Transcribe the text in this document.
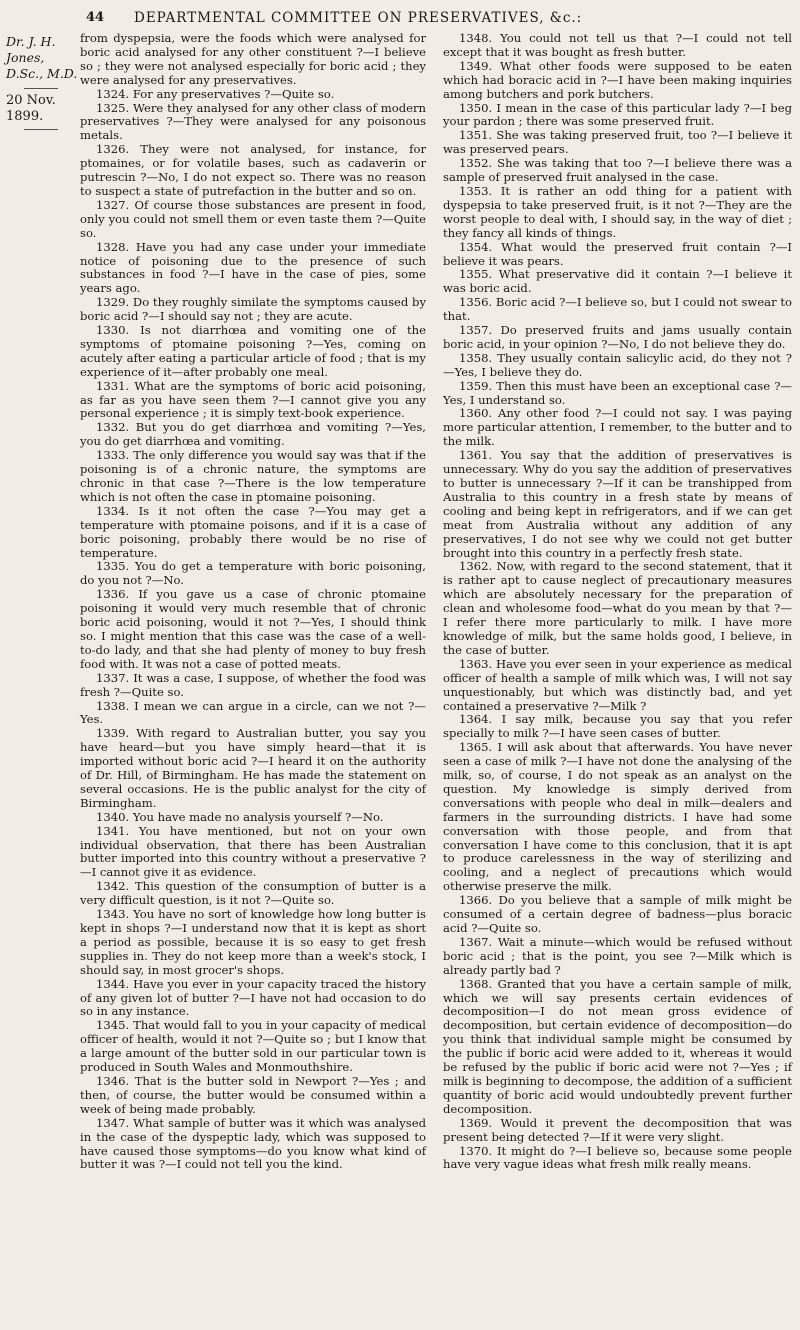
44 DEPARTMENTAL COMMITTEE ON PRESERVATIVES, &c.:
Dr. J. H. Jones, D.Sc., M.D.
20 Nov. 1899.

from dyspepsia, were the foods which were analysed for boric acid analysed for any other constituent ?—I believe so ; they were not analysed especially for boric acid ; they were analysed for any preservatives.

1324. For any preservatives ?—Quite so.

1325. Were they analysed for any other class of modern preservatives ?—They were analysed for any poisonous metals.

1326. They were not analysed, for instance, for ptomaines, or for volatile bases, such as cadaverin or putrescin ?—No, I do not expect so. There was no reason to suspect a state of putrefaction in the butter and so on.

1327. Of course those substances are present in food, only you could not smell them or even taste them ?—Quite so.

1328. Have you had any case under your immediate notice of poisoning due to the presence of such substances in food ?—I have in the case of pies, some years ago.

1329. Do they roughly similate the symptoms caused by boric acid ?—I should say not ; they are acute.

1330. Is not diarrhœa and vomiting one of the symptoms of ptomaine poisoning ?—Yes, coming on acutely after eating a particular article of food ; that is my experience of it—after probably one meal.

1331. What are the symptoms of boric acid poisoning, as far as you have seen them ?—I cannot give you any personal experience ; it is simply text-book experience.

1332. But you do get diarrhœa and vomiting ?—Yes, you do get diarrhœa and vomiting.

1333. The only difference you would say was that if the poisoning is of a chronic nature, the symptoms are chronic in that case ?—There is the low temperature which is not often the case in ptomaine poisoning.

1334. Is it not often the case ?—You may get a temperature with ptomaine poisons, and if it is a case of boric poisoning, probably there would be no rise of temperature.

1335. You do get a temperature with boric poisoning, do you not ?—No.

1336. If you gave us a case of chronic ptomaine poisoning it would very much resemble that of chronic boric acid poisoning, would it not ?—Yes, I should think so. I might mention that this case was the case of a well-to-do lady, and that she had plenty of money to buy fresh food with. It was not a case of potted meats.

1337. It was a case, I suppose, of whether the food was fresh ?—Quite so.

1338. I mean we can argue in a circle, can we not ?—Yes.

1339. With regard to Australian butter, you say you have heard—but you have simply heard—that it is imported without boric acid ?—I heard it on the authority of Dr. Hill, of Birmingham. He has made the statement on several occasions. He is the public analyst for the city of Birmingham.

1340. You have made no analysis yourself ?—No.

1341. You have mentioned, but not on your own individual observation, that there has been Australian butter imported into this country without a preservative ?—I cannot give it as evidence.

1342. This question of the consumption of butter is a very difficult question, is it not ?—Quite so.

1343. You have no sort of knowledge how long butter is kept in shops ?—I understand now that it is kept as short a period as possible, because it is so easy to get fresh supplies in. They do not keep more than a week's stock, I should say, in most grocer's shops.

1344. Have you ever in your capacity traced the history of any given lot of butter ?—I have not had occasion to do so in any instance.

1345. That would fall to you in your capacity of medical officer of health, would it not ?—Quite so ; but I know that a large amount of the butter sold in our particular town is produced in South Wales and Monmouthshire.

1346. That is the butter sold in Newport ?—Yes ; and then, of course, the butter would be consumed within a week of being made probably.

1347. What sample of butter was it which was analysed in the case of the dyspeptic lady, which was supposed to have caused those symptoms—do you know what kind of butter it was ?—I could not tell you the kind.

1348. You could not tell us that ?—I could not tell except that it was bought as fresh butter.

1349. What other foods were supposed to be eaten which had boracic acid in ?—I have been making inquiries among butchers and pork butchers.

1350. I mean in the case of this particular lady ?—I beg your pardon ; there was some preserved fruit.

1351. She was taking preserved fruit, too ?—I believe it was preserved pears.

1352. She was taking that too ?—I believe there was a sample of preserved fruit analysed in the case.

1353. It is rather an odd thing for a patient with dyspepsia to take preserved fruit, is it not ?—They are the worst people to deal with, I should say, in the way of diet ; they fancy all kinds of things.

1354. What would the preserved fruit contain ?—I believe it was pears.

1355. What preservative did it contain ?—I believe it was boric acid.

1356. Boric acid ?—I believe so, but I could not swear to that.

1357. Do preserved fruits and jams usually contain boric acid, in your opinion ?—No, I do not believe they do.

1358. They usually contain salicylic acid, do they not ? —Yes, I believe they do.

1359. Then this must have been an exceptional case ?— Yes, I understand so.

1360. Any other food ?—I could not say. I was paying more particular attention, I remember, to the butter and to the milk.

1361. You say that the addition of preservatives is unnecessary. Why do you say the addition of preservatives to butter is unnecessary ?—If it can be transhipped from Australia to this country in a fresh state by means of cooling and being kept in refrigerators, and if we can get meat from Australia without any addition of any preservatives, I do not see why we could not get butter brought into this country in a perfectly fresh state.

1362. Now, with regard to the second statement, that it is rather apt to cause neglect of precautionary measures which are absolutely necessary for the preparation of clean and wholesome food—what do you mean by that ?— I refer there more particularly to milk. I have more knowledge of milk, but the same holds good, I believe, in the case of butter.

1363. Have you ever seen in your experience as medical officer of health a sample of milk which was, I will not say unquestionably, but which was distinctly bad, and yet contained a preservative ?—Milk ?

1364. I say milk, because you say that you refer specially to milk ?—I have seen cases of butter.

1365. I will ask about that afterwards. You have never seen a case of milk ?—I have not done the analysing of the milk, so, of course, I do not speak as an analyst on the question. My knowledge is simply derived from conversations with people who deal in milk—dealers and farmers in the surrounding districts. I have had some conversation with those people, and from that conversation I have come to this conclusion, that it is apt to produce carelessness in the way of sterilizing and cooling, and a neglect of precautions which would otherwise preserve the milk.

1366. Do you believe that a sample of milk might be consumed of a certain degree of badness—plus boracic acid ?—Quite so.

1367. Wait a minute—which would be refused without boric acid ; that is the point, you see ?—Milk which is already partly bad ?

1368. Granted that you have a certain sample of milk, which we will say presents certain evidences of decomposition—I do not mean gross evidence of decomposition, but certain evidence of decomposition—do you think that individual sample might be consumed by the public if boric acid were added to it, whereas it would be refused by the public if boric acid were not ?—Yes ; if milk is beginning to decompose, the addition of a sufficient quantity of boric acid would undoubtedly prevent further decomposition.

1369. Would it prevent the decomposition that was present being detected ?—If it were very slight.

1370. It might do ?—I believe so, because some people have very vague ideas what fresh milk really means.
